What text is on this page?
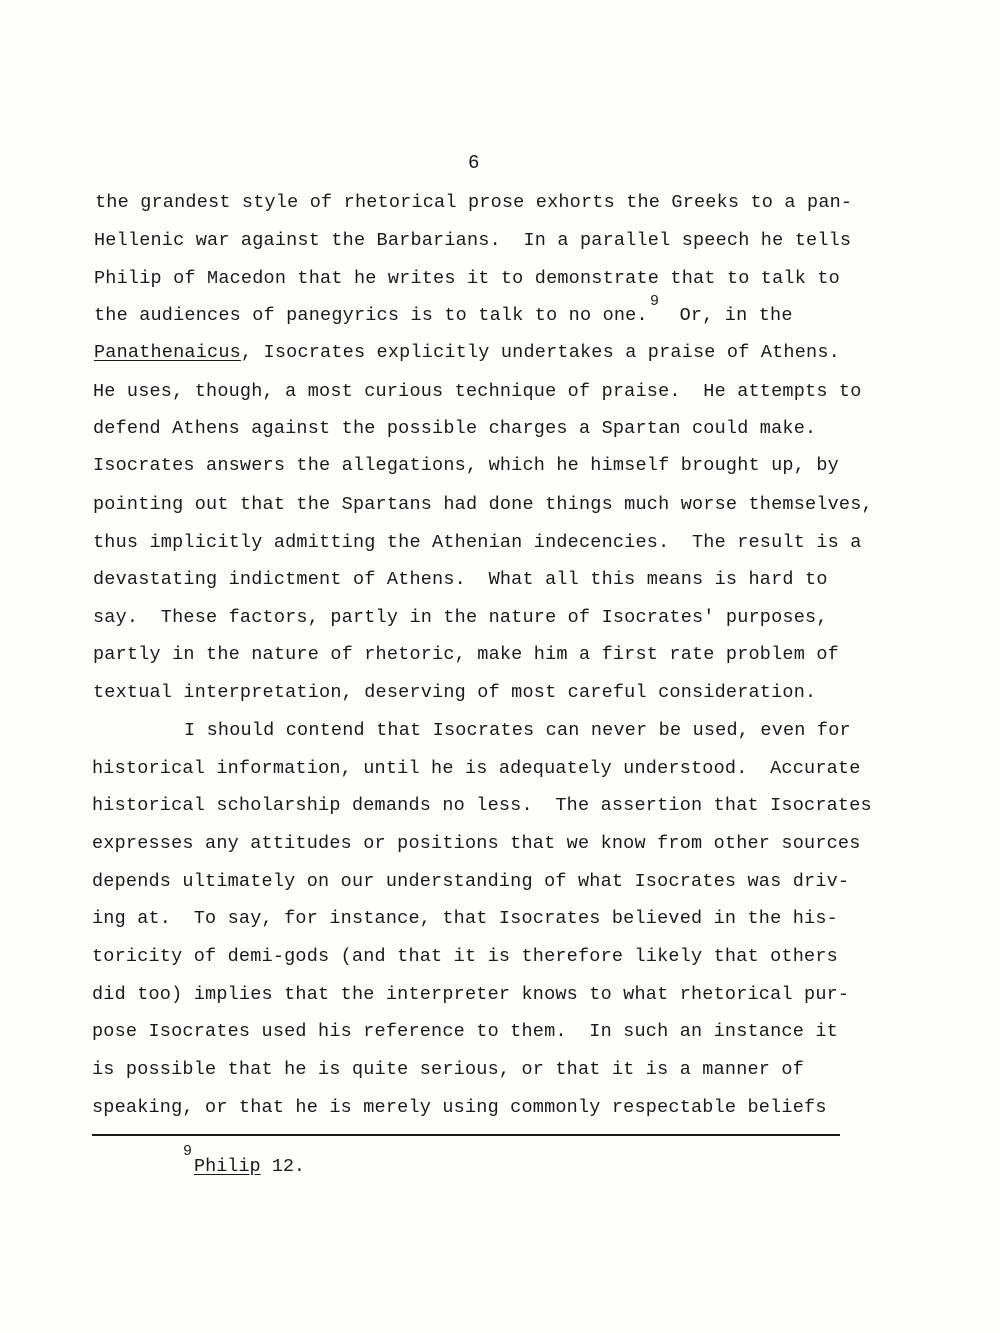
6
the grandest style of rhetorical prose exhorts the Greeks to a pan-
Hellenic war against the Barbarians.  In a parallel speech he tells
Philip of Macedon that he writes it to demonstrate that to talk to
the audiences of panegyrics is to talk to no one.
9
Or, in the
Panathenaicus, Isocrates explicitly undertakes a praise of Athens.
He uses, though, a most curious technique of praise.  He attempts to
defend Athens against the possible charges a Spartan could make.
Isocrates answers the allegations, which he himself brought up, by
pointing out that the Spartans had done things much worse themselves,
thus implicitly admitting the Athenian indecencies.  The result is a
devastating indictment of Athens.  What all this means is hard to
say.  These factors, partly in the nature of Isocrates' purposes,
partly in the nature of rhetoric, make him a first rate problem of
textual interpretation, deserving of most careful consideration.
I should contend that Isocrates can never be used, even for
historical information, until he is adequately understood.  Accurate
historical scholarship demands no less.  The assertion that Isocrates
expresses any attitudes or positions that we know from other sources
depends ultimately on our understanding of what Isocrates was driv-
ing at.  To say, for instance, that Isocrates believed in the his-
toricity of demi-gods (and that it is therefore likely that others
did too) implies that the interpreter knows to what rhetorical pur-
pose Isocrates used his reference to them.  In such an instance it
is possible that he is quite serious, or that it is a manner of
speaking, or that he is merely using commonly respectable beliefs
9
Philip 12.
